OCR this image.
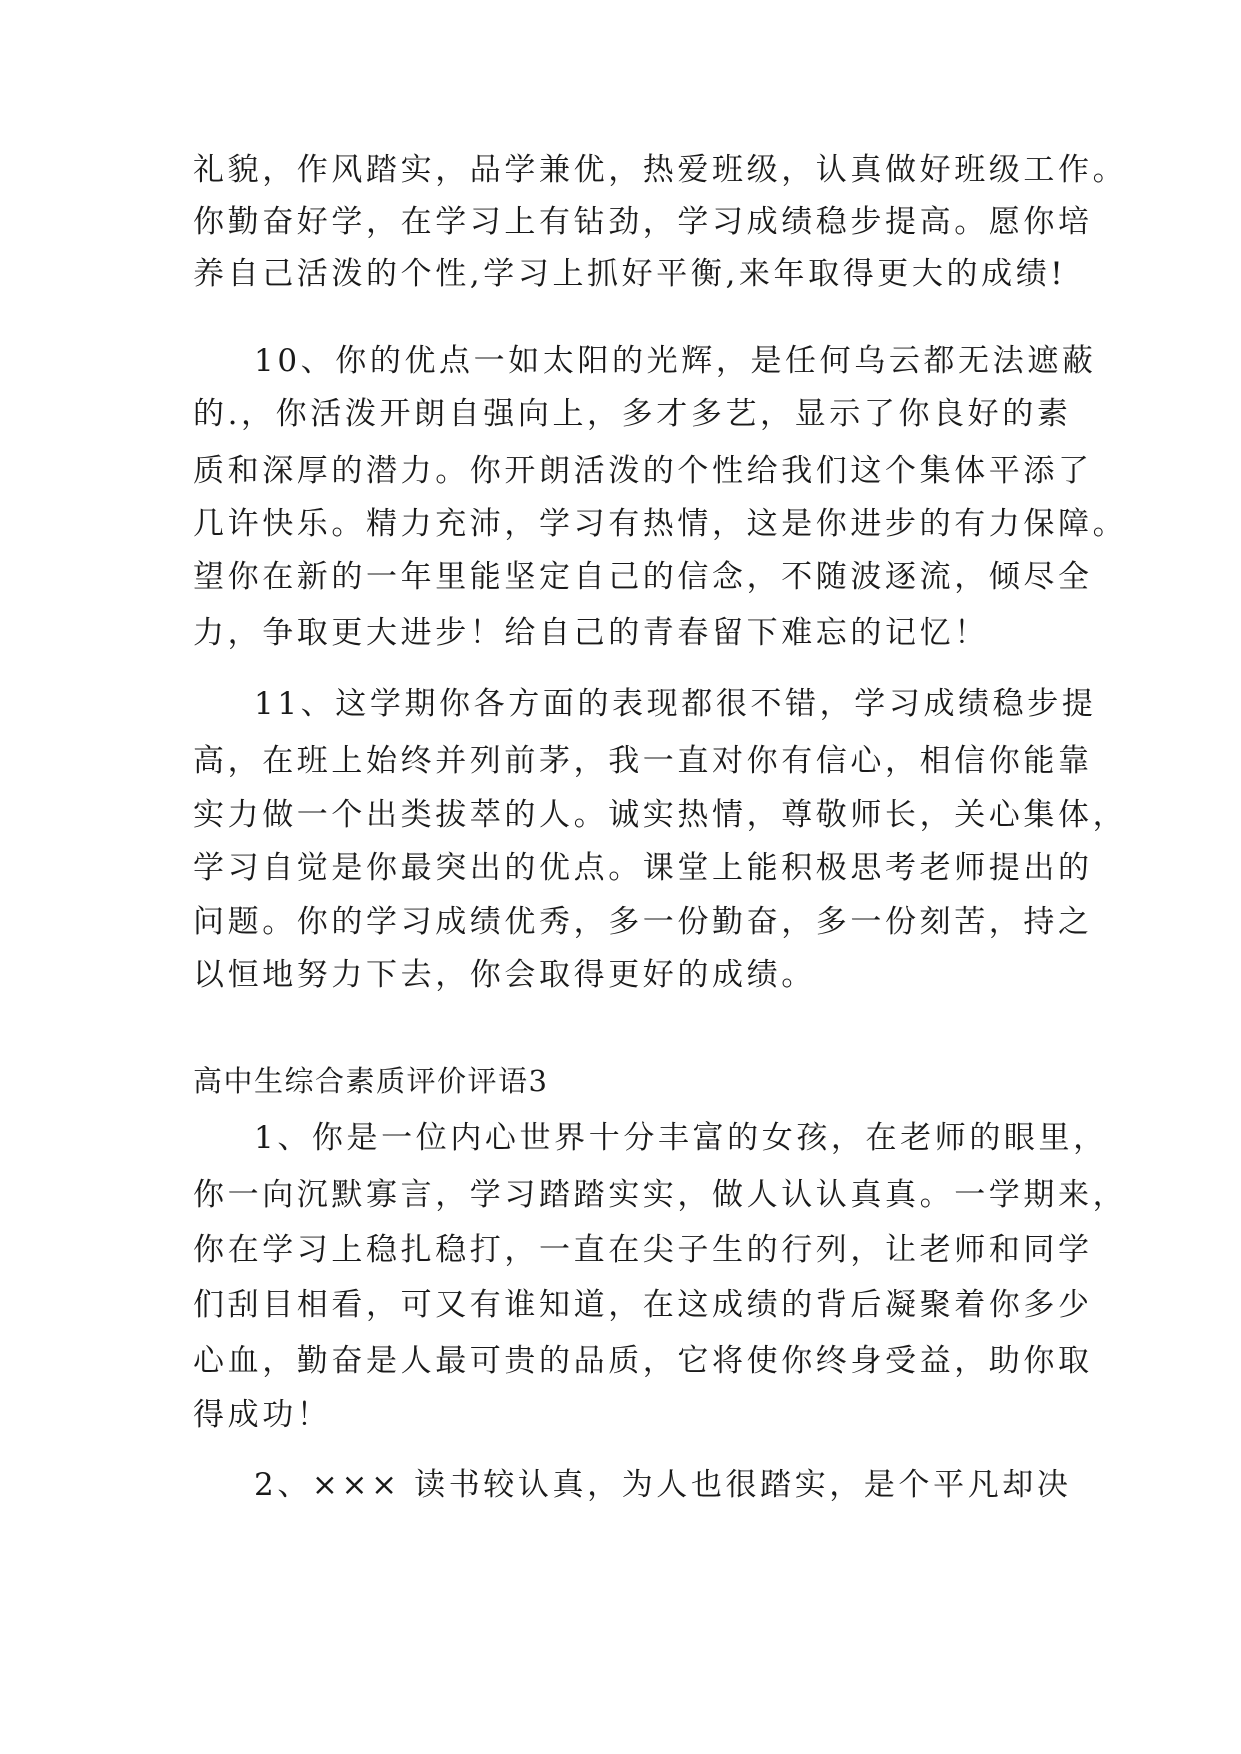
礼貌，作风踏实，品学兼优，热爱班级，认真做好班级工作。
你勤奋好学，在学习上有钻劲，学习成绩稳步提高。愿你培
养自己活泼的个性,学习上抓好平衡,来年取得更大的成绩!
10、你的优点一如太阳的光辉，是任何乌云都无法遮蔽
的.，你活泼开朗自强向上，多才多艺，显示了你良好的素
质和深厚的潜力。你开朗活泼的个性给我们这个集体平添了
几许快乐。精力充沛，学习有热情，这是你进步的有力保障。
望你在新的一年里能坚定自己的信念，不随波逐流，倾尽全
力，争取更大进步！给自己的青春留下难忘的记忆！
11、这学期你各方面的表现都很不错，学习成绩稳步提
高，在班上始终并列前茅，我一直对你有信心，相信你能靠
实力做一个出类拔萃的人。诚实热情，尊敬师长，关心集体，
学习自觉是你最突出的优点。课堂上能积极思考老师提出的
问题。你的学习成绩优秀，多一份勤奋，多一份刻苦，持之
以恒地努力下去，你会取得更好的成绩。
高中生综合素质评价评语3
1、你是一位内心世界十分丰富的女孩，在老师的眼里，
你一向沉默寡言，学习踏踏实实，做人认认真真。一学期来，
你在学习上稳扎稳打，一直在尖子生的行列，让老师和同学
们刮目相看，可又有谁知道，在这成绩的背后凝聚着你多少
心血，勤奋是人最可贵的品质，它将使你终身受益，助你取
得成功！
2、××× 读书较认真，为人也很踏实，是个平凡却决
